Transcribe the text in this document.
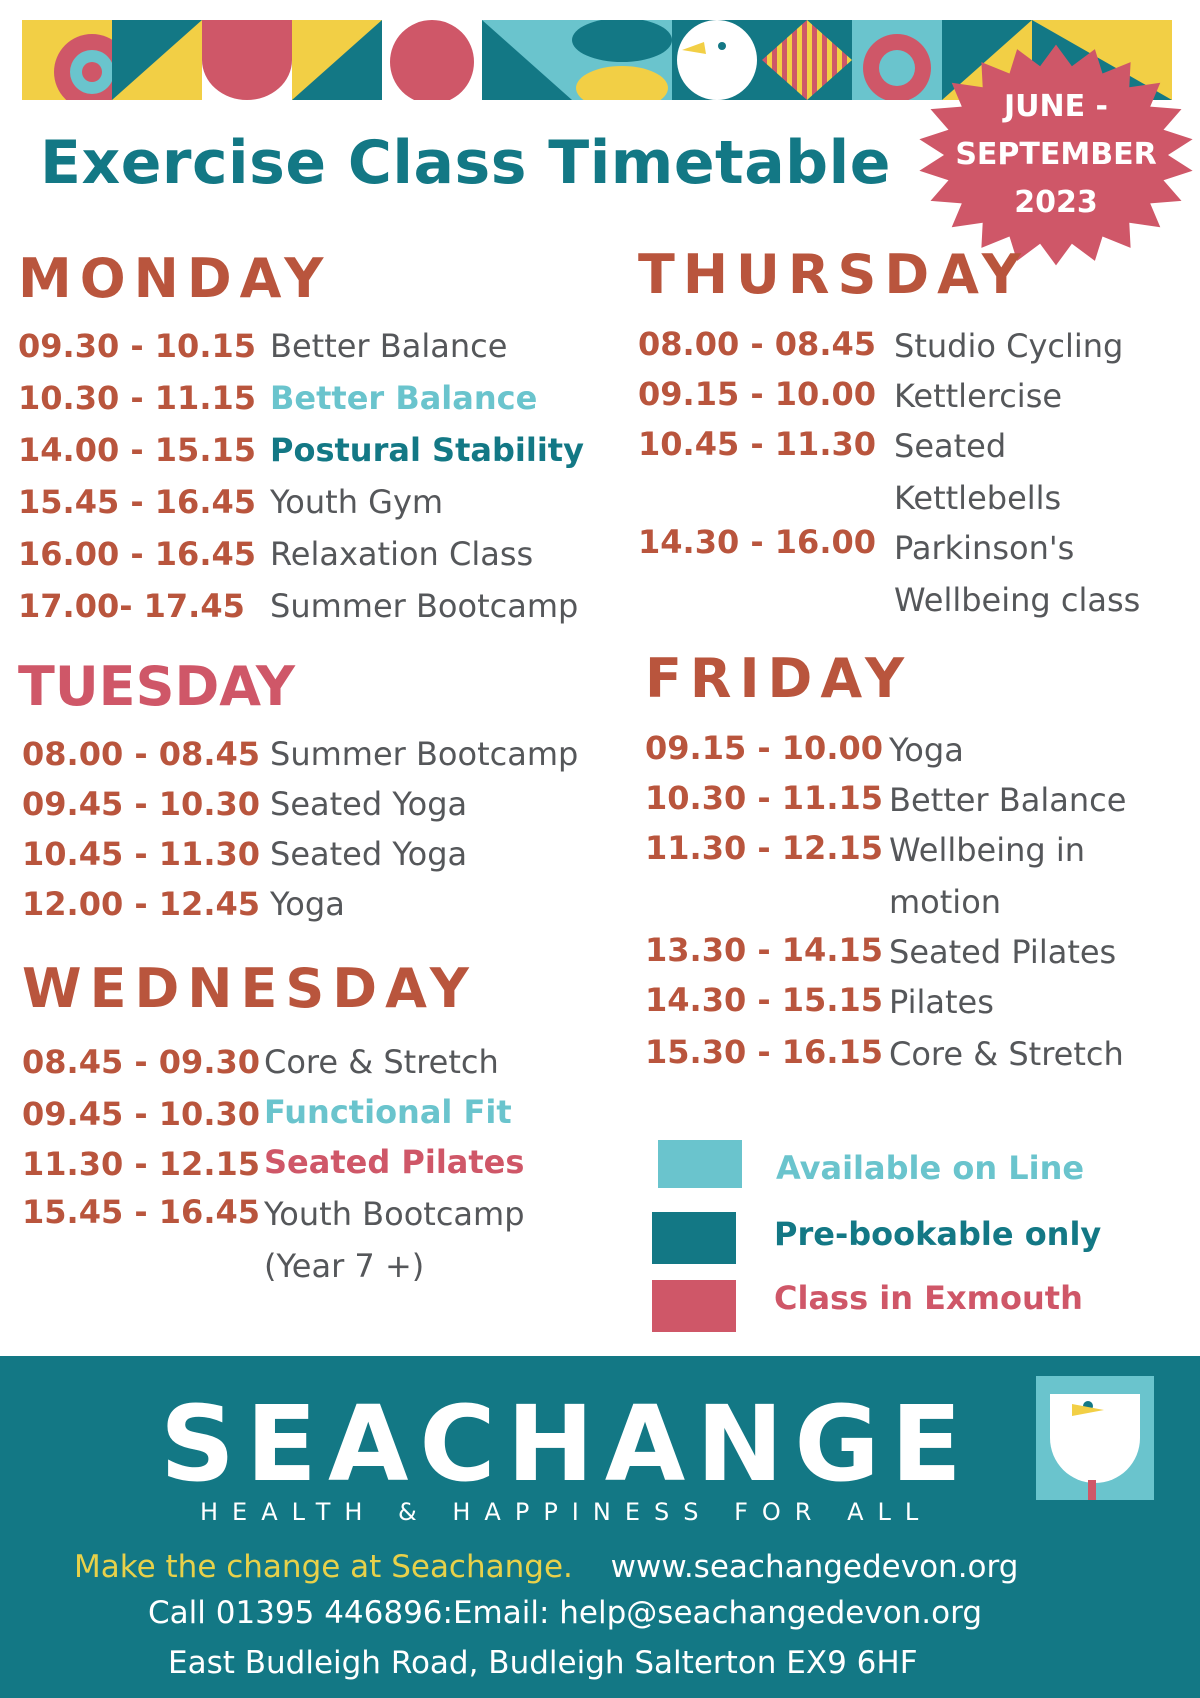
Exercise Class Timetable
JUNE -
SEPTEMBER
2023
MONDAY
09.30 - 10.15 Better Balance
10.30 - 11.15 Better Balance
14.00 - 15.15 Postural Stability
15.45 - 16.45 Youth Gym
16.00 - 16.45 Relaxation Class
17.00- 17.45 Summer Bootcamp
TUESDAY
08.00 - 08.45 Summer Bootcamp
09.45 - 10.30 Seated Yoga
10.45 - 11.30 Seated Yoga
12.00 - 12.45 Yoga
WEDNESDAY
08.45 - 09.30 Core & Stretch
09.45 - 10.30 Functional Fit
11.30 - 12.15 Seated Pilates
15.45 - 16.45 Youth Bootcamp
(Year 7 +)
THURSDAY
08.00 - 08.45 Studio Cycling
09.15 - 10.00 Kettlercise
10.45 - 11.30 Seated
Kettlebells
14.30 - 16.00 Parkinson's
Wellbeing class
FRIDAY
09.15 - 10.00 Yoga
10.30 - 11.15 Better Balance
11.30 - 12.15 Wellbeing in
motion
13.30 - 14.15 Seated Pilates
14.30 - 15.15 Pilates
15.30 - 16.15 Core & Stretch
Available on Line
Pre-bookable only
Class in Exmouth
SEACHANGE
HEALTH & HAPPINESS FOR ALL
Make the change at Seachange. www.seachangedevon.org
Call 01395 446896:Email: help@seachangedevon.org
East Budleigh Road, Budleigh Salterton EX9 6HF
